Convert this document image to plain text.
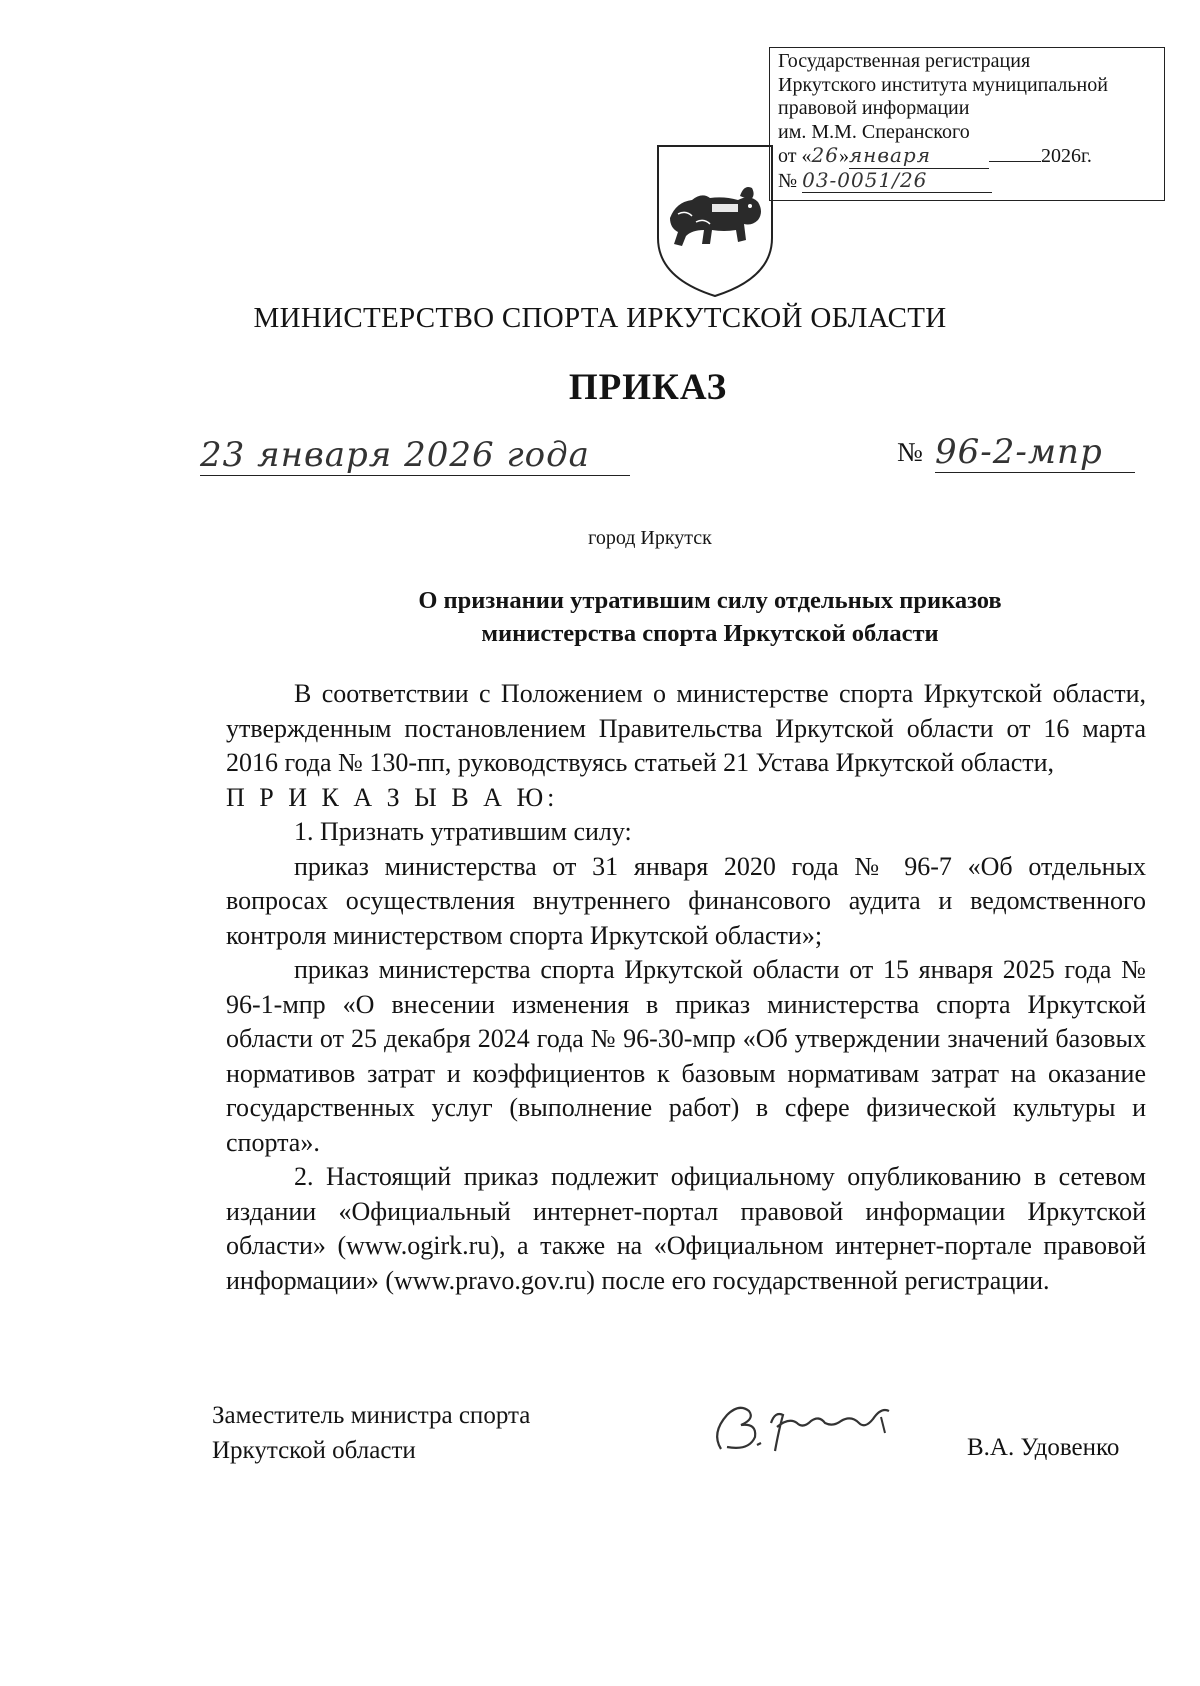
Государственная регистрация
Иркутского института муниципальной
правовой информации
им. М.М. Сперанского
от «26»января	2026г.
№ 03-0051/26
МИНИСТЕРСТВО СПОРТА ИРКУТСКОЙ ОБЛАСТИ
ПРИКАЗ
23 января 2026 года	№ 96-2-мпр
город Иркутск
О признании утратившим силу отдельных приказов
министерства спорта Иркутской области

В соответствии с Положением о министерстве спорта Иркутской области, утвержденным постановлением Правительства Иркутской области от 16 марта 2016 года № 130-пп, руководствуясь статьей 21 Устава Иркутской области,

П Р И К А З Ы В А Ю:

1. Признать утратившим силу:

приказ министерства от 31 января 2020 года № 96-7 «Об отдельных вопросах осуществления внутреннего финансового аудита и ведомственного контроля министерством спорта Иркутской области»;

приказ министерства спорта Иркутской области от 15 января 2025 года № 96-1-мпр «О внесении изменения в приказ министерства спорта Иркутской области от 25 декабря 2024 года № 96-30-мпр «Об утверждении значений базовых нормативов затрат и коэффициентов к базовым нормативам затрат на оказание государственных услуг (выполнение работ) в сфере физической культуры и спорта».

2. Настоящий приказ подлежит официальному опубликованию в сетевом издании «Официальный интернет-портал правовой информации Иркутской области» (www.ogirk.ru), а также на «Официальном интернет-портале правовой информации» (www.pravo.gov.ru) после его государственной регистрации.

Заместитель министра спорта
Иркутской области	В.А. Удовенко
